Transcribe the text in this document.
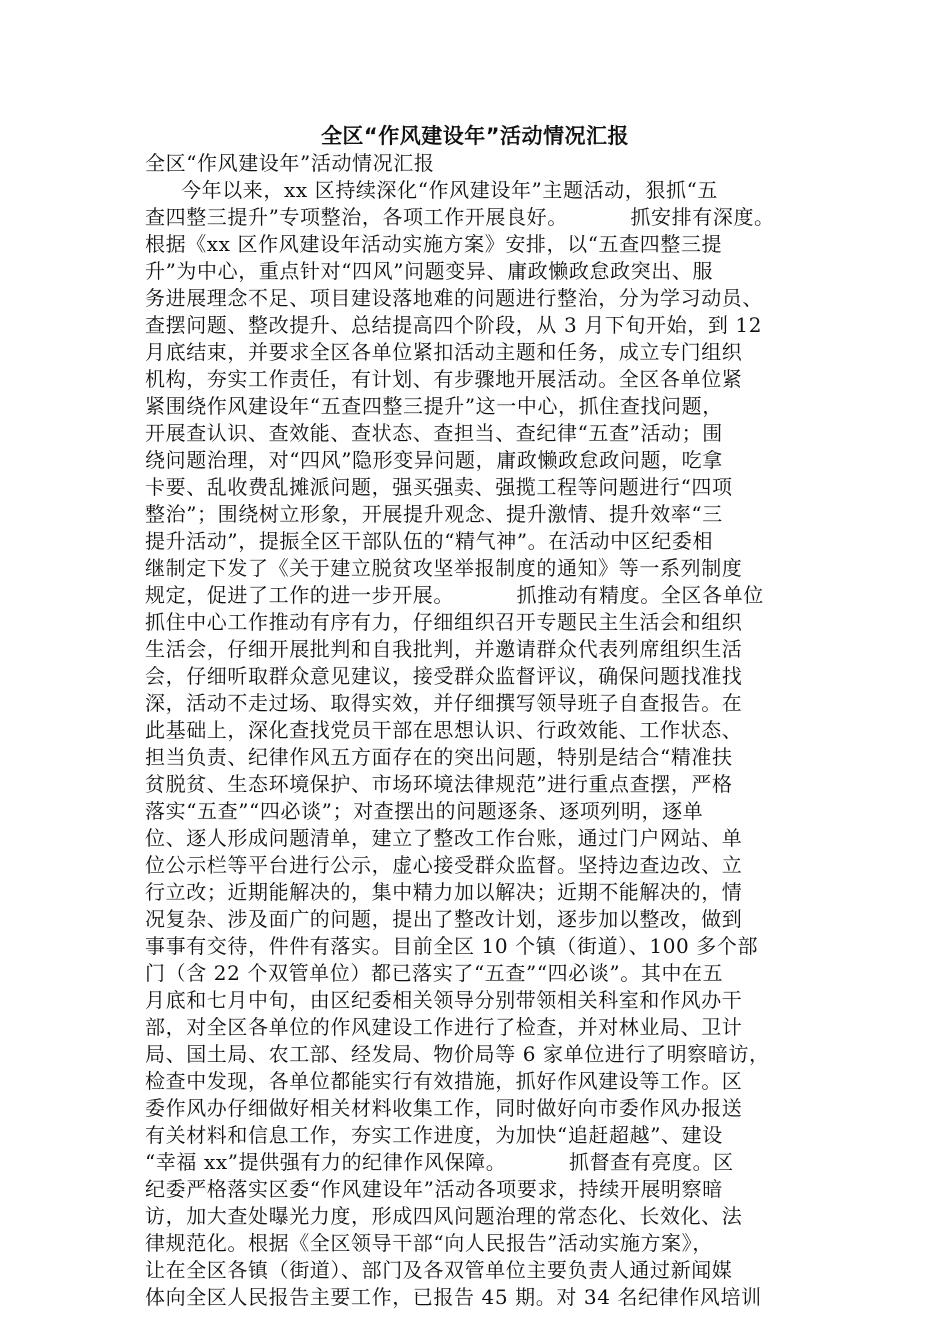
全区“作风建设年”活动情况汇报
全区“作风建设年”活动情况汇报
今年以来，xx 区持续深化“作风建设年”主题活动，狠抓“五
查四整三提升”专项整治，各项工作开展良好。         抓安排有深度。
根据《xx 区作风建设年活动实施方案》安排，以“五查四整三提
升”为中心，重点针对“四风”问题变异、庸政懒政怠政突出、服
务进展理念不足、项目建设落地难的问题进行整治，分为学习动员、
查摆问题、整改提升、总结提高四个阶段，从 3 月下旬开始，到 12
月底结束，并要求全区各单位紧扣活动主题和任务，成立专门组织
机构，夯实工作责任，有计划、有步骤地开展活动。全区各单位紧
紧围绕作风建设年“五查四整三提升”这一中心，抓住查找问题，
开展查认识、查效能、查状态、查担当、查纪律“五查”活动；围
绕问题治理，对“四风”隐形变异问题，庸政懒政怠政问题，吃拿
卡要、乱收费乱摊派问题，强买强卖、强揽工程等问题进行“四项
整治”；围绕树立形象，开展提升观念、提升激情、提升效率“三
提升活动”，提振全区干部队伍的“精气神”。在活动中区纪委相
继制定下发了《关于建立脱贫攻坚举报制度的通知》等一系列制度
规定，促进了工作的进一步开展。         抓推动有精度。全区各单位
抓住中心工作推动有序有力，仔细组织召开专题民主生活会和组织
生活会，仔细开展批判和自我批判，并邀请群众代表列席组织生活
会，仔细听取群众意见建议，接受群众监督评议，确保问题找准找
深，活动不走过场、取得实效，并仔细撰写领导班子自查报告。在
此基础上，深化查找党员干部在思想认识、行政效能、工作状态、
担当负责、纪律作风五方面存在的突出问题，特别是结合“精准扶
贫脱贫、生态环境保护、市场环境法律规范”进行重点查摆，严格
落实“五查”“四必谈”；对查摆出的问题逐条、逐项列明，逐单
位、逐人形成问题清单，建立了整改工作台账，通过门户网站、单
位公示栏等平台进行公示，虚心接受群众监督。坚持边查边改、立
行立改；近期能解决的，集中精力加以解决；近期不能解决的，情
况复杂、涉及面广的问题，提出了整改计划，逐步加以整改，做到
事事有交待，件件有落实。目前全区 10 个镇（街道）、100 多个部
门（含 22 个双管单位）都已落实了“五查”“四必谈”。其中在五
月底和七月中旬，由区纪委相关领导分别带领相关科室和作风办干
部，对全区各单位的作风建设工作进行了检查，并对林业局、卫计
局、国土局、农工部、经发局、物价局等 6 家单位进行了明察暗访，
检查中发现，各单位都能实行有效措施，抓好作风建设等工作。区
委作风办仔细做好相关材料收集工作，同时做好向市委作风办报送
有关材料和信息工作，夯实工作进度，为加快“追赶超越”、建设
“幸福 xx”提供强有力的纪律作风保障。         抓督查有亮度。区
纪委严格落实区委“作风建设年”活动各项要求，持续开展明察暗
访，加大查处曝光力度，形成四风问题治理的常态化、长效化、法
律规范化。根据《全区领导干部“向人民报告”活动实施方案》，
让在全区各镇（街道）、部门及各双管单位主要负责人通过新闻媒
体向全区人民报告主要工作，已报告 45 期。对 34 名纪律作风培训
